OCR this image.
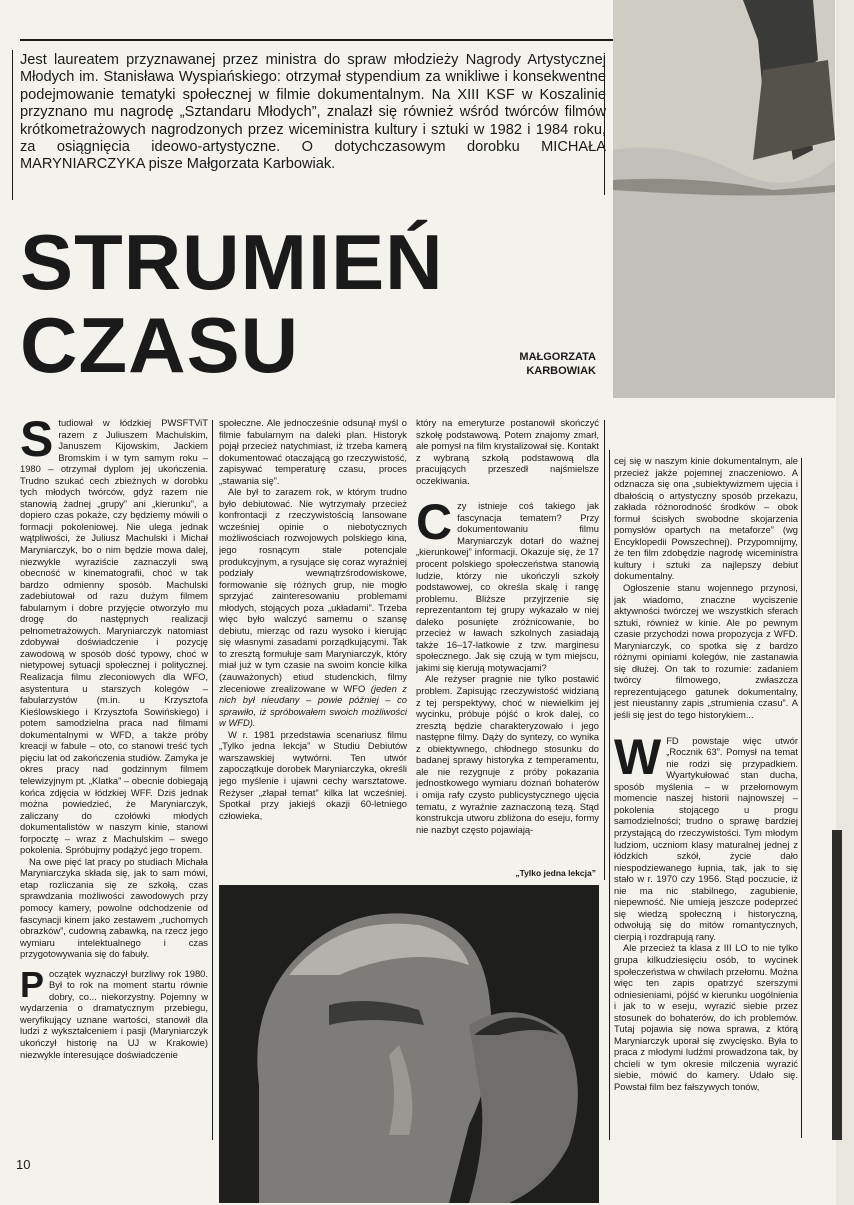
Jest laureatem przyznawanej przez ministra do spraw młodzieży Nagrody Artystycznej Młodych im. Stanisława Wyspiańskiego: otrzymał stypendium za wnikliwe i konsekwentne podejmowanie tematyki społecznej w filmie dokumentalnym. Na XIII KSF w Koszalinie przyznano mu nagrodę „Sztandaru Młodych”, znalazł się również wśród twórców filmów krótkometrażowych nagrodzonych przez wiceministra kultury i sztuki w 1982 i 1984 roku, za osiągnięcia ideowo-artystyczne. O dotychczasowym dorobku MICHAŁA MARYNIARCZYKA pisze Małgorzata Karbowiak.
STRUMIEŃ
CZASU	MAŁGORZATA
KARBOWIAK
S tudiował w łódzkiej PWSFTViT razem z Juliuszem Machulskim, Januszem Kijowskim, Jackiem Bromskim i w tym samym roku – 1980 – otrzymał dyplom jej ukończenia. Trudno szukać cech zbieżnych w dorobku tych młodych twórców, gdyż razem nie stanowią żadnej „grupy” ani „kierunku”, a dopiero czas pokaże, czy będziemy mówili o formacji pokoleniowej. Nie ulega jednak wątpliwości, że Juliusz Machulski i Michał Maryniarczyk, bo o nim będzie mowa dalej, niezwykle wyraziście zaznaczyli swą obecność w kinematografii, choć w tak bardzo odmienny sposób. Machulski zadebiutował od razu dużym filmem fabularnym i dobre przyjęcie otworzyło mu drogę do następnych realizacji pełnometrażowych. Maryniarczyk natomiast zdobywał doświadczenie i pozycję zawodową w sposób dość typowy, choć w nietypowej sytuacji społecznej i politycznej. Realizacja filmu zleconiowych dla WFO, asystentura u starszych kolegów – fabularzystów (m.in. u Krzysztofa Kieślowskiego i Krzysztofa Sowińskiego) i potem samodzielna praca nad filmami dokumentalnymi w WFD, a także próby kreacji w fabule – oto, co stanowi treść tych pięciu lat od zakończenia studiów. Zamyka je okres pracy nad godzinnym filmem telewizyjnym pt. „Klatka” – obecnie dobiegają końca zdjęcia w łódzkiej WFF. Dziś jednak można powiedzieć, że Maryniarczyk, zaliczany do czołówki młodych dokumentalistów w naszym kinie, stanowi forpocztę – wraz z Machulskim – swego pokolenia. Spróbujmy podążyć jego tropem.

Na owe pięć lat pracy po studiach Michała Maryniarczyka składa się, jak to sam mówi, etap rozliczania się ze szkołą, czas sprawdzania możliwości zawodowych przy pomocy kamery, powolne odchodzenie od fascynacji kinem jako zestawem „ruchomych obrazków”, cudowną zabawką, na rzecz jego wymiaru intelektualnego i czas przygotowywania się do fabuły.

P oczątek wyznaczył burzliwy rok 1980. Był to rok na moment startu równie dobry, co... niekorzystny. Pojemny w wydarzenia o dramatycznym przebiegu, weryfikujący uznane wartości, stanowił dla ludzi z wykształceniem i pasji (Maryniarczyk ukończył historię na UJ w Krakowie) niezwykle interesujące doświadczenie

społeczne. Ale jednocześnie odsunął myśl o filmie fabularnym na daleki plan. Historyk pojął przecież natychmiast, iż trzeba kamerą dokumentować otaczającą go rzeczywistość, zapisywać temperaturę czasu, proces „stawania się”.

Ale był to zarazem rok, w którym trudno było debiutować. Nie wytrzymały przecież konfrontacji z rzeczywistością lansowane wcześniej opinie o niebotycznych możliwościach rozwojowych polskiego kina, jego rosnącym stale potencjale produkcyjnym, a rysujące się coraz wyraźniej podziały wewnątrzśrodowiskowe, formowanie się różnych grup, nie mogło sprzyjać zainteresowaniu problemami młodych, stojących poza „układami”. Trzeba więc było walczyć samemu o szansę debiutu, mierząc od razu wysoko i kierując się własnymi zasadami porządkującymi. Tak to zresztą formułuje sam Maryniarczyk, który miał już w tym czasie na swoim koncie kilka (zauważonych) etiud studenckich, filmy zleceniowe zrealizowane w WFO (jeden z nich był nieudany – powie później – co sprawiło, iż spróbowałem swoich możliwości w WFD).

W r. 1981 przedstawia scenariusz filmu „Tylko jedna lekcja” w Studiu Debiutów warszawskiej wytwórni. Ten utwór zapoczątkuje dorobek Maryniarczyka, określi jego myślenie i ujawni cechy warsztatowe. Reżyser „złapał temat” kilka lat wcześniej. Spotkał przy jakiejś okazji 60-letniego człowieka,

który na emeryturze postanowił skończyć szkołę podstawową. Potem znajomy zmarł, ale pomysł na film krystalizował się. Kontakt z wybraną szkołą podstawową dla pracujących przeszedł najśmielsze oczekiwania.

C zy istnieje coś takiego jak fascynacja tematem? Przy dokumentowaniu filmu Maryniarczyk dotarł do ważnej „kierunkowej” informacji. Okazuje się, że 17 procent polskiego społeczeństwa stanowią ludzie, którzy nie ukończyli szkoły podstawowej, co określa skalę i rangę problemu. Bliższe przyjrzenie się reprezentantom tej grupy wykazało w niej daleko posunięte zróżnicowanie, bo przecież w ławach szkolnych zasiadają także 16–17-latkowie z tzw. marginesu społecznego. Jak się czują w tym miejscu, jakimi się kierują motywacjami?

Ale reżyser pragnie nie tylko postawić problem. Zapisując rzeczywistość widzianą z tej perspektywy, choć w niewielkim jej wycinku, próbuje pójść o krok dalej, co zresztą będzie charakteryzowało i jego następne filmy. Dąży do syntezy, co wynika z obiektywnego, chłodnego stosunku do badanej sprawy historyka z temperamentu, ale nie rezygnuje z próby pokazania jednostkowego wymiaru doznań bohaterów i omija rafy czysto publicystycznego ujęcia tematu, z wyraźnie zaznaczoną tezą. Stąd konstrukcja utworu zbliżona do eseju, formy nie nazbyt często pojawiają-

„Tylko jedna lekcja”

cej się w naszym kinie dokumentalnym, ale przecież jakże pojemnej znaczeniowo. A odznacza się ona „subiektywizmem ujęcia i dbałością o artystyczny sposób przekazu, zakłada różnorodność środków – obok formuł ścisłych swobodne skojarzenia pomysłów opartych na metaforze” (wg Encyklopedii Powszechnej). Przypomnijmy, że ten film zdobędzie nagrodę wiceministra kultury i sztuki za najlepszy debiut dokumentalny.

Ogłoszenie stanu wojennego przynosi, jak wiadomo, znaczne wyciszenie aktywności twórczej we wszystkich sferach sztuki, również w kinie. Ale po pewnym czasie przychodzi nowa propozycja z WFD. Maryniarczyk, co spotka się z bardzo różnymi opiniami kolegów, nie zastanawia się dłużej. On tak to rozumie: zadaniem twórcy filmowego, zwłaszcza reprezentującego gatunek dokumentalny, jest nieustanny zapis „strumienia czasu”. A jeśli się jest do tego historykiem...

W FD powstaje więc utwór „Rocznik 63”. Pomysł na temat nie rodzi się przypadkiem. Wyartykułować stan ducha, sposób myślenia – w przełomowym momencie naszej historii najnowszej – pokolenia stojącego u progu samodzielności; trudno o sprawę bardziej przystającą do rzeczywistości. Tym młodym ludziom, uczniom klasy maturalnej jednej z łódzkich szkół, życie dało niespodziewanego łupnia, tak, jak to się stało w r. 1970 czy 1956. Stąd poczucie, iż nie ma nic stabilnego, zagubienie, niepewność. Nie umieją jeszcze podeprzeć się wiedzą społeczną i historyczną, odwołują się do mitów romantycznych, cierpią i rozdrapują rany.

Ale przecież ta klasa z III LO to nie tylko grupa kilkudziesięciu osób, to wycinek społeczeństwa w chwilach przełomu. Można więc ten zapis opatrzyć szerszymi odniesieniami, pójść w kierunku uogólnienia i jak to w eseju, wyrazić siebie przez stosunek do bohaterów, do ich problemów. Tutaj pojawia się nowa sprawa, z którą Maryniarczyk uporał się zwycięsko. Była to praca z młodymi ludźmi prowadzona tak, by chcieli w tym okresie milczenia wyrazić siebie, mówić do kamery. Udało się. Powstał film bez fałszywych tonów,

10
